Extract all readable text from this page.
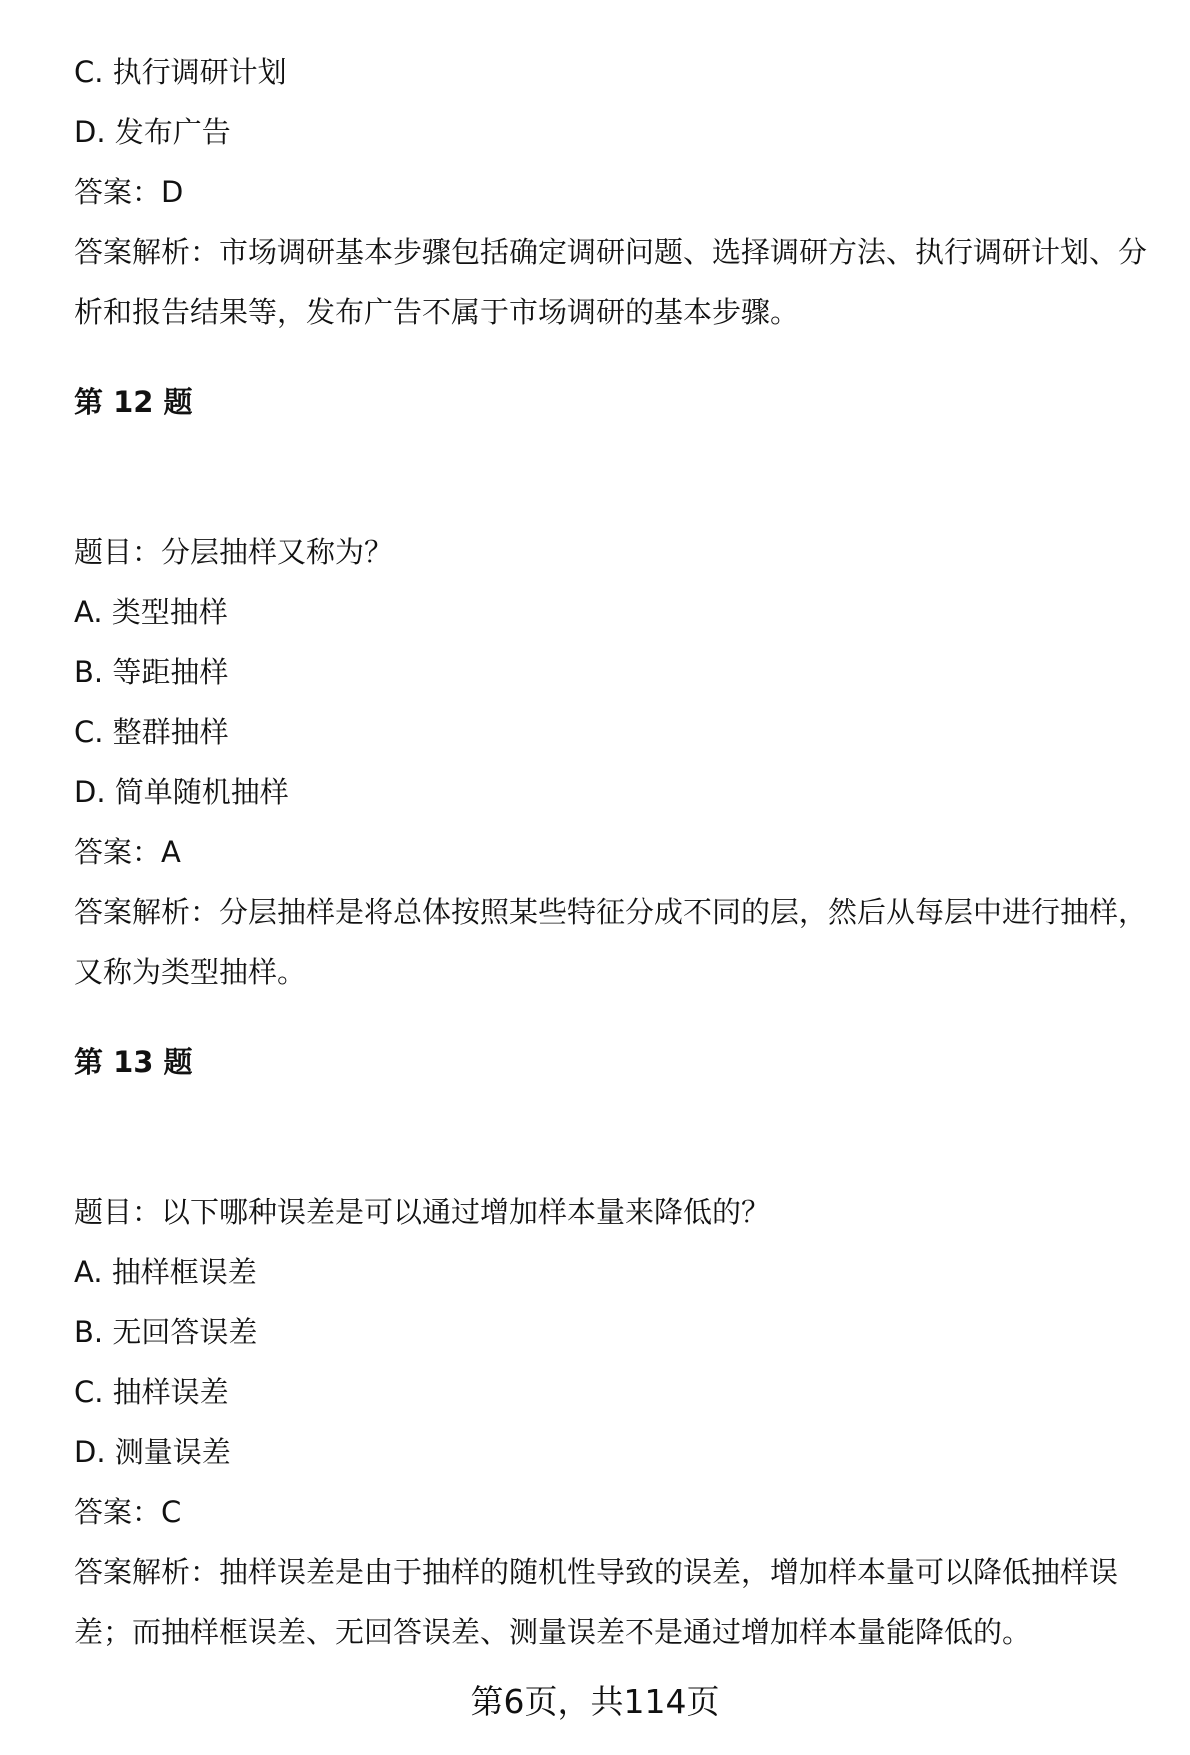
C. 执行调研计划

D. 发布广告

答案：D

答案解析：市场调研基本步骤包括确定调研问题、选择调研方法、执行调研计划、分析和报告结果等，发布广告不属于市场调研的基本步骤。

第 12 题

题目：分层抽样又称为？

A. 类型抽样

B. 等距抽样

C. 整群抽样

D. 简单随机抽样

答案：A

答案解析：分层抽样是将总体按照某些特征分成不同的层，然后从每层中进行抽样，又称为类型抽样。

第 13 题

题目：以下哪种误差是可以通过增加样本量来降低的？

A. 抽样框误差

B. 无回答误差

C. 抽样误差

D. 测量误差

答案：C

答案解析：抽样误差是由于抽样的随机性导致的误差，增加样本量可以降低抽样误差；而抽样框误差、无回答误差、测量误差不是通过增加样本量能降低的。

第6页，共114页
